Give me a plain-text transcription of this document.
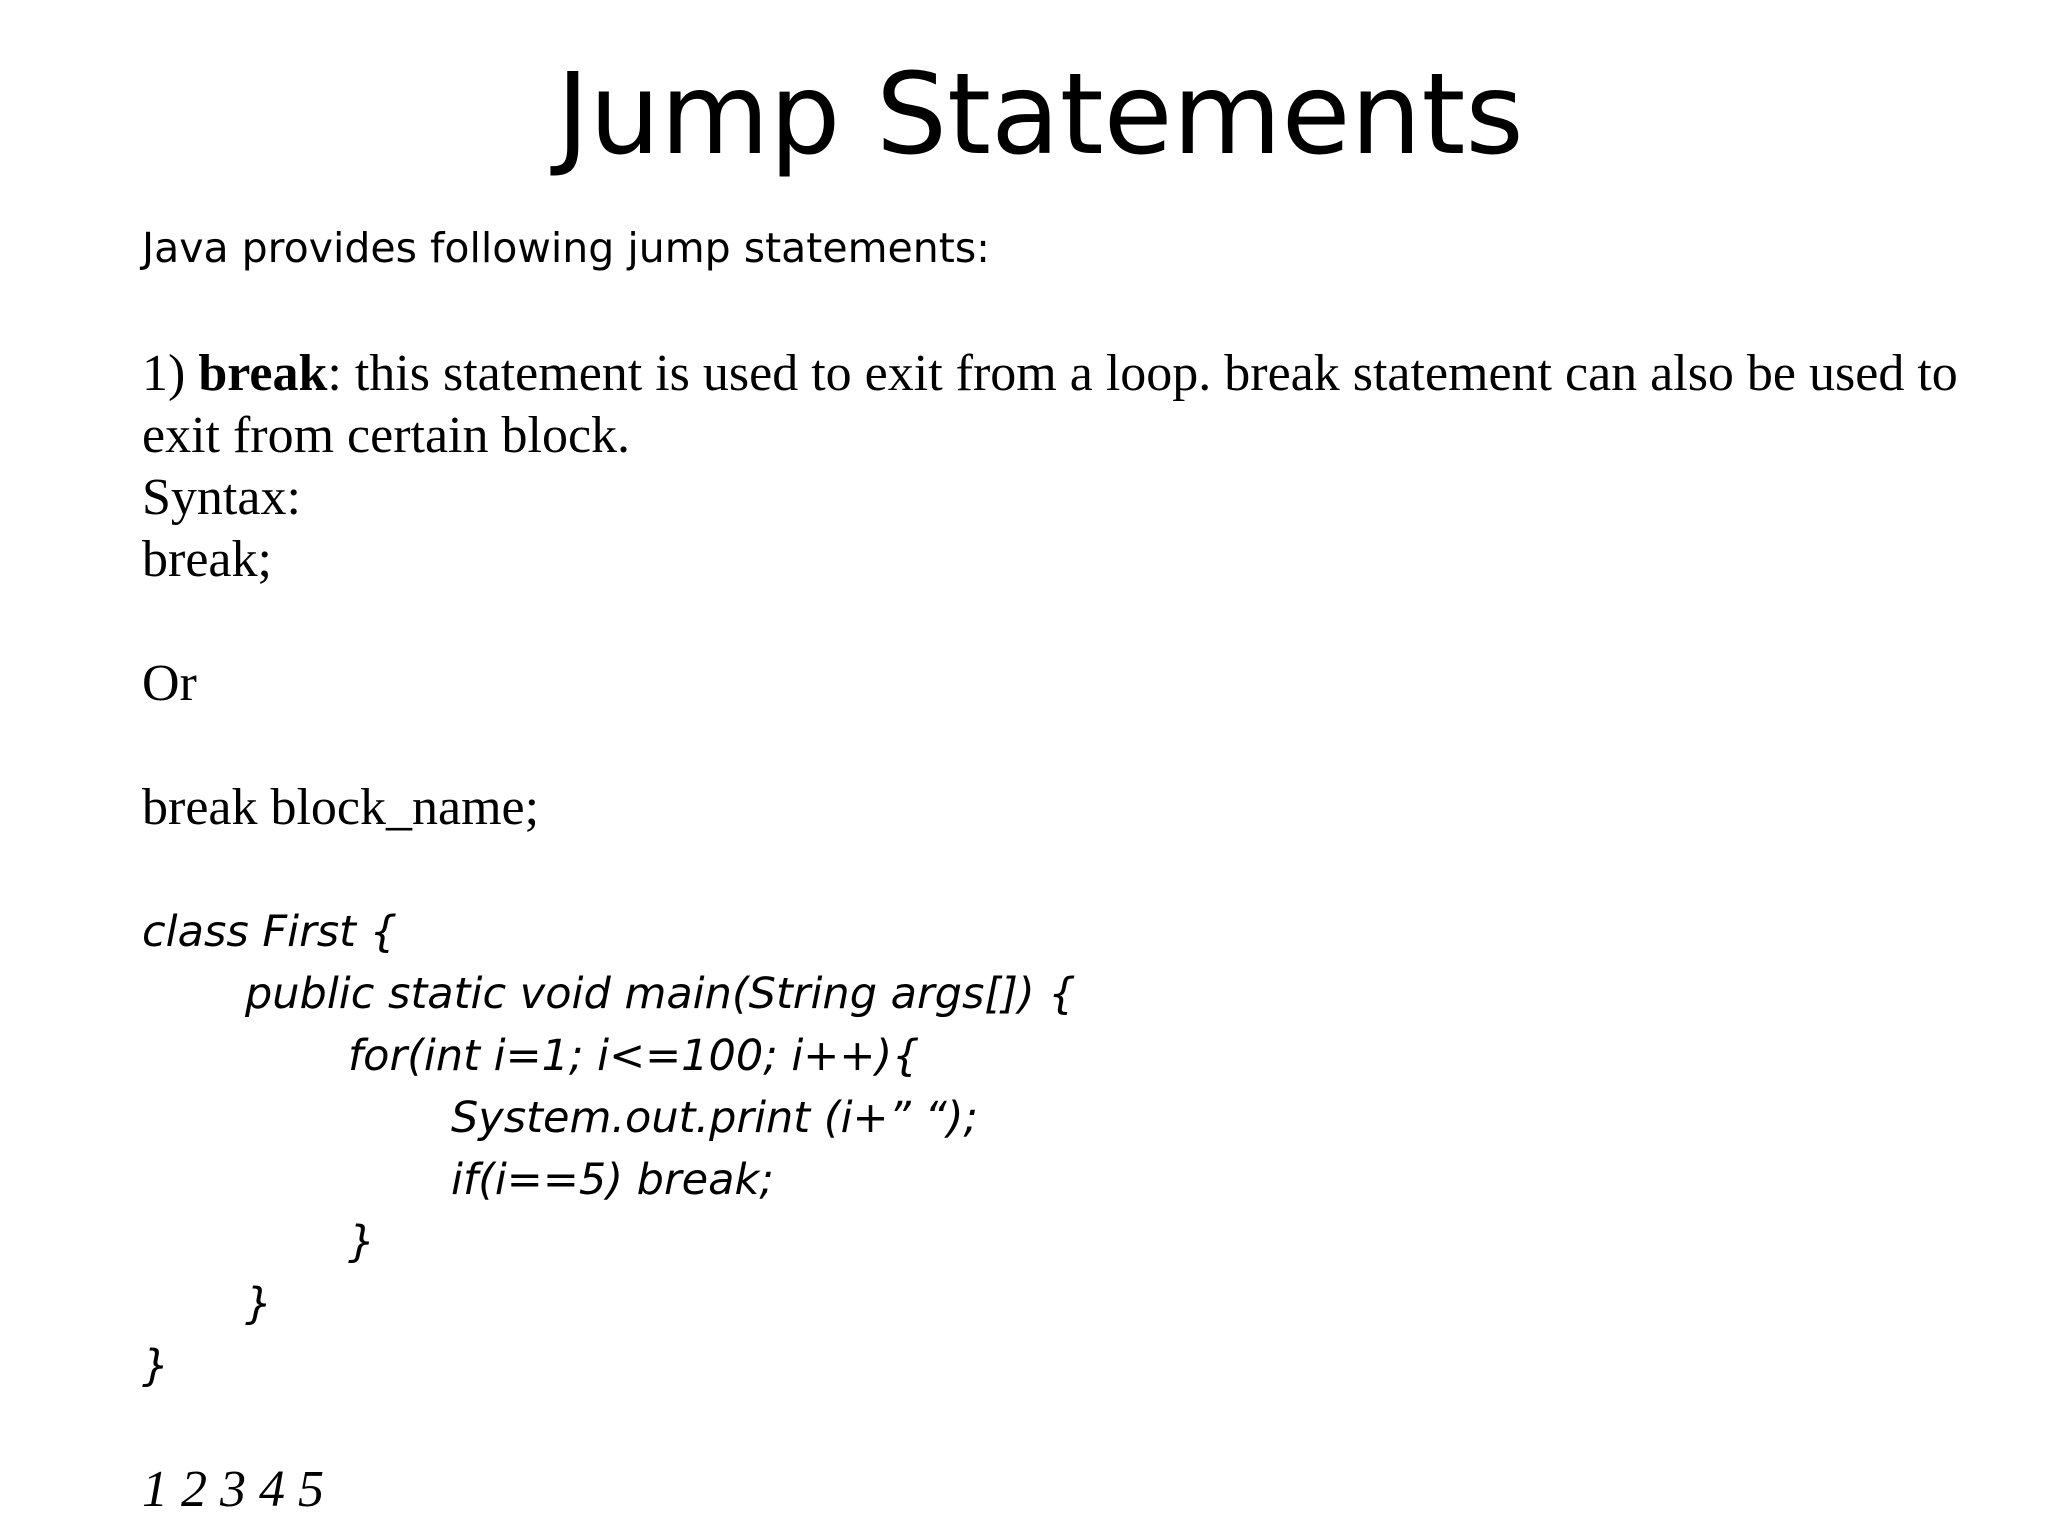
Jump Statements
Java provides following jump statements:
1) break: this statement is used to exit from a loop. break statement can also be used to
exit from certain block.
Syntax:
break;
Or
break block_name;
class First {
public static void main(String args[]) {
for(int i=1; i<=100; i++){
System.out.print (i+” “);
if(i==5) break;
}
}
}
1 2 3 4 5
